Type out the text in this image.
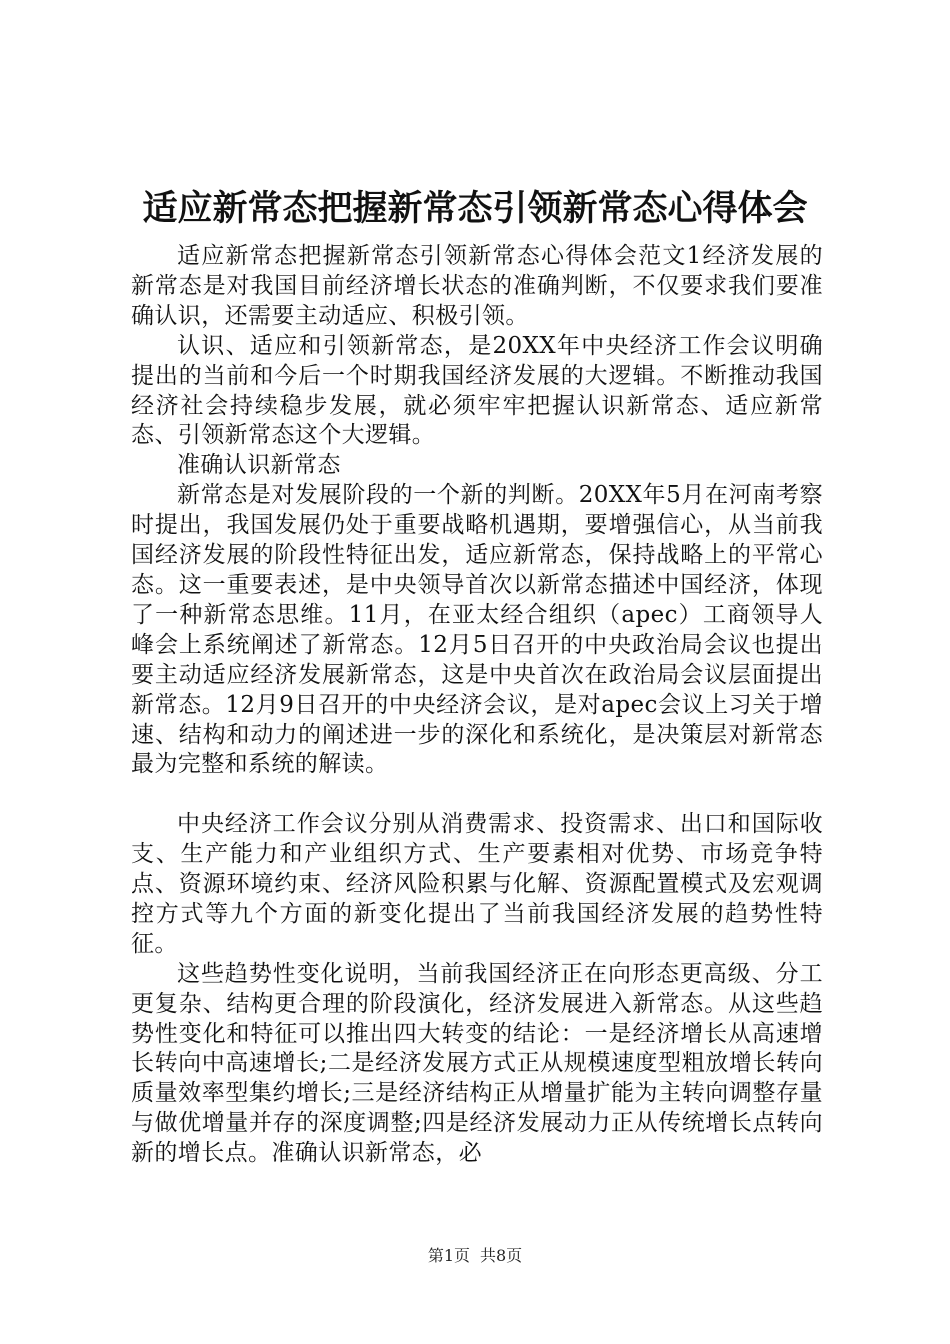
适应新常态把握新常态引领新常态心得体会

适应新常态把握新常态引领新常态心得体会范文1经济发展的新常态是对我国目前经济增长状态的准确判断，不仅要求我们要准确认识，还需要主动适应、积极引领。

认识、适应和引领新常态，是20XX年中央经济工作会议明确提出的当前和今后一个时期我国经济发展的大逻辑。不断推动我国经济社会持续稳步发展，就必须牢牢把握认识新常态、适应新常态、引领新常态这个大逻辑。

准确认识新常态

新常态是对发展阶段的一个新的判断。20XX年5月在河南考察时提出，我国发展仍处于重要战略机遇期，要增强信心，从当前我国经济发展的阶段性特征出发，适应新常态，保持战略上的平常心态。这一重要表述，是中央领导首次以新常态描述中国经济，体现了一种新常态思维。11月，在亚太经合组织（apec）工商领导人峰会上系统阐述了新常态。12月5日召开的中央政治局会议也提出要主动适应经济发展新常态，这是中央首次在政治局会议层面提出新常态。12月9日召开的中央经济会议，是对apec会议上习关于增速、结构和动力的阐述进一步的深化和系统化，是决策层对新常态最为完整和系统的解读。

中央经济工作会议分别从消费需求、投资需求、出口和国际收支、生产能力和产业组织方式、生产要素相对优势、市场竞争特点、资源环境约束、经济风险积累与化解、资源配置模式及宏观调控方式等九个方面的新变化提出了当前我国经济发展的趋势性特征。

这些趋势性变化说明，当前我国经济正在向形态更高级、分工更复杂、结构更合理的阶段演化，经济发展进入新常态。从这些趋势性变化和特征可以推出四大转变的结论：一是经济增长从高速增长转向中高速增长;二是经济发展方式正从规模速度型粗放增长转向质量效率型集约增长;三是经济结构正从增量扩能为主转向调整存量与做优增量并存的深度调整;四是经济发展动力正从传统增长点转向新的增长点。准确认识新常态，必

第1页 共8页
